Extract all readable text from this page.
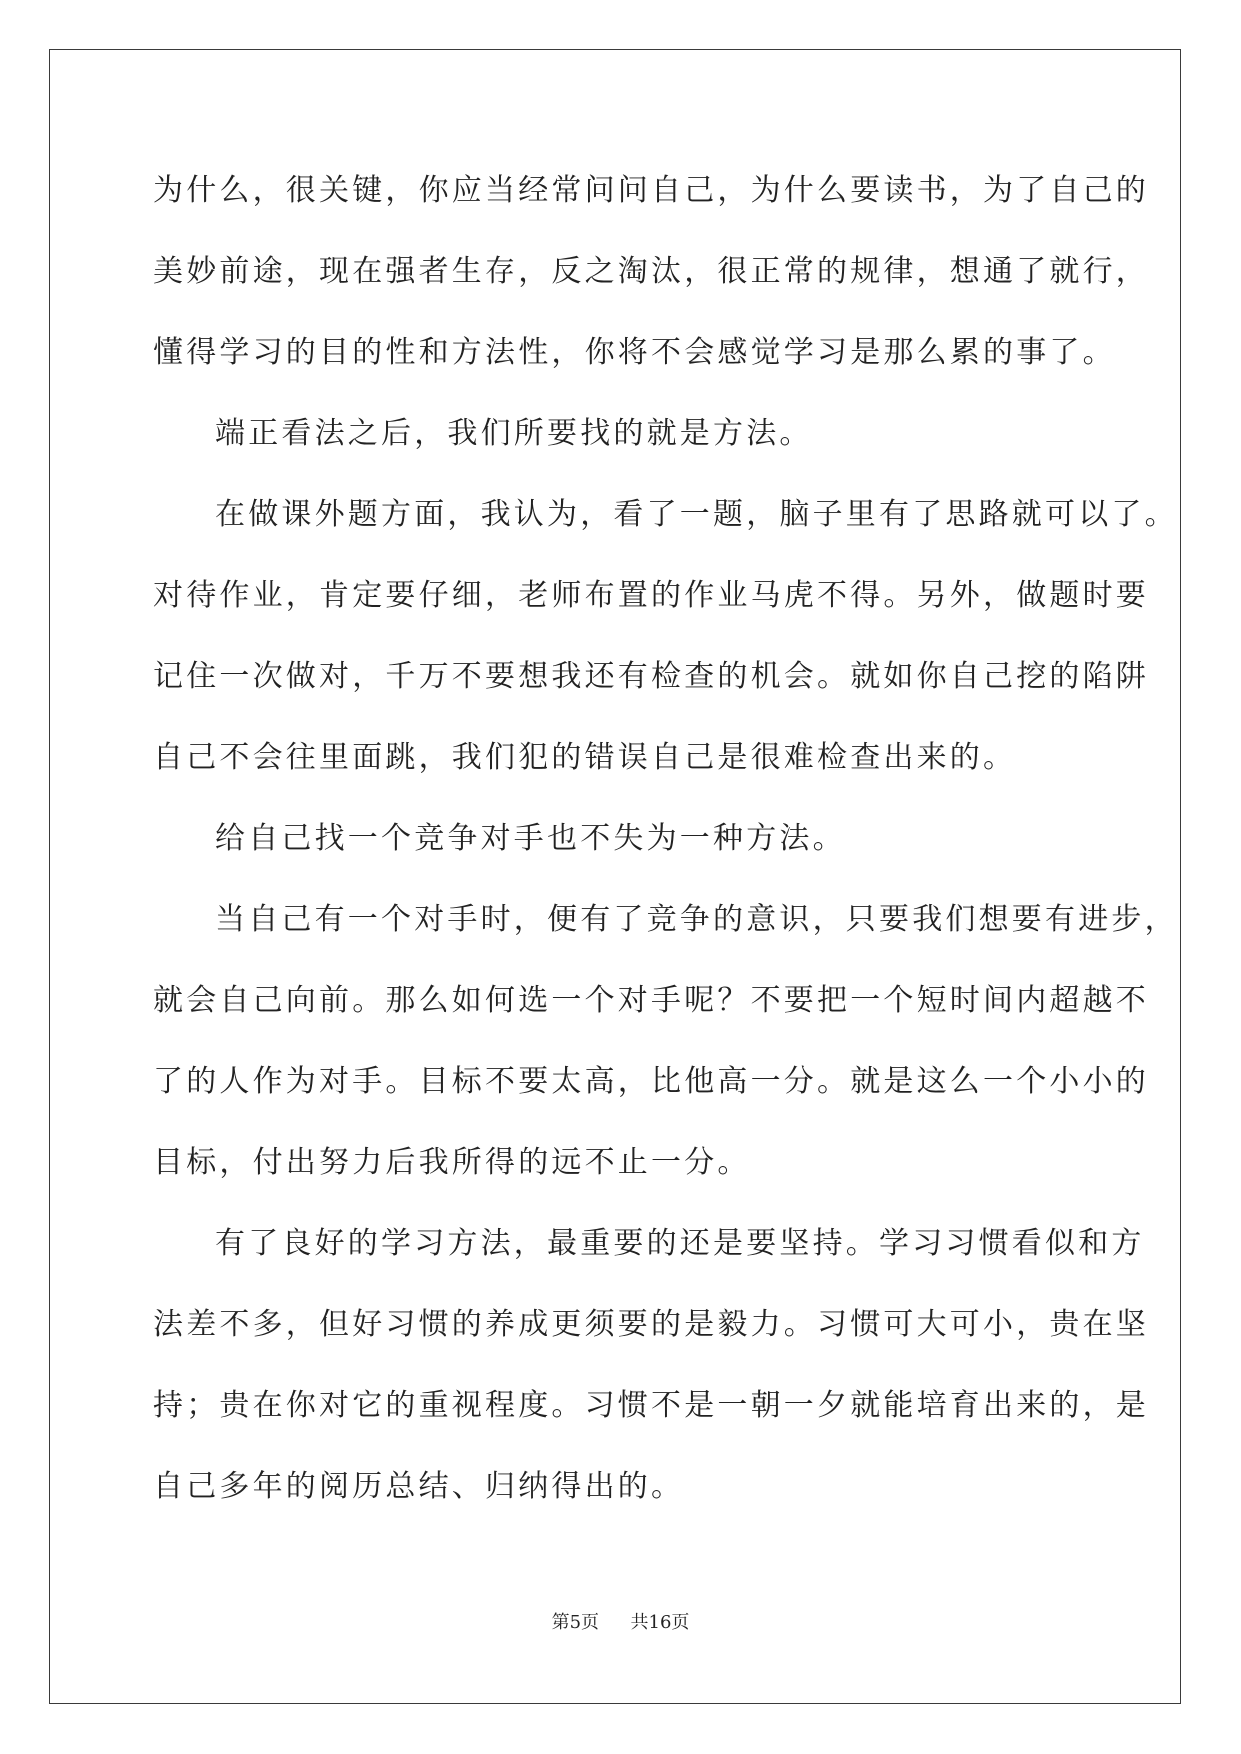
为什么，很关键，你应当经常问问自己，为什么要读书，为了自己的
美妙前途，现在强者生存，反之淘汰，很正常的规律，想通了就行，
懂得学习的目的性和方法性，你将不会感觉学习是那么累的事了。
端正看法之后，我们所要找的就是方法。
在做课外题方面，我认为，看了一题，脑子里有了思路就可以了。
对待作业，肯定要仔细，老师布置的作业马虎不得。另外，做题时要
记住一次做对，千万不要想我还有检查的机会。就如你自己挖的陷阱
自己不会往里面跳，我们犯的错误自己是很难检查出来的。
给自己找一个竞争对手也不失为一种方法。
当自己有一个对手时，便有了竞争的意识，只要我们想要有进步，
就会自己向前。那么如何选一个对手呢？不要把一个短时间内超越不
了的人作为对手。目标不要太高，比他高一分。就是这么一个小小的
目标，付出努力后我所得的远不止一分。
有了良好的学习方法，最重要的还是要坚持。学习习惯看似和方
法差不多，但好习惯的养成更须要的是毅力。习惯可大可小，贵在坚
持；贵在你对它的重视程度。习惯不是一朝一夕就能培育出来的，是
自己多年的阅历总结、归纳得出的。
第5页 共16页
